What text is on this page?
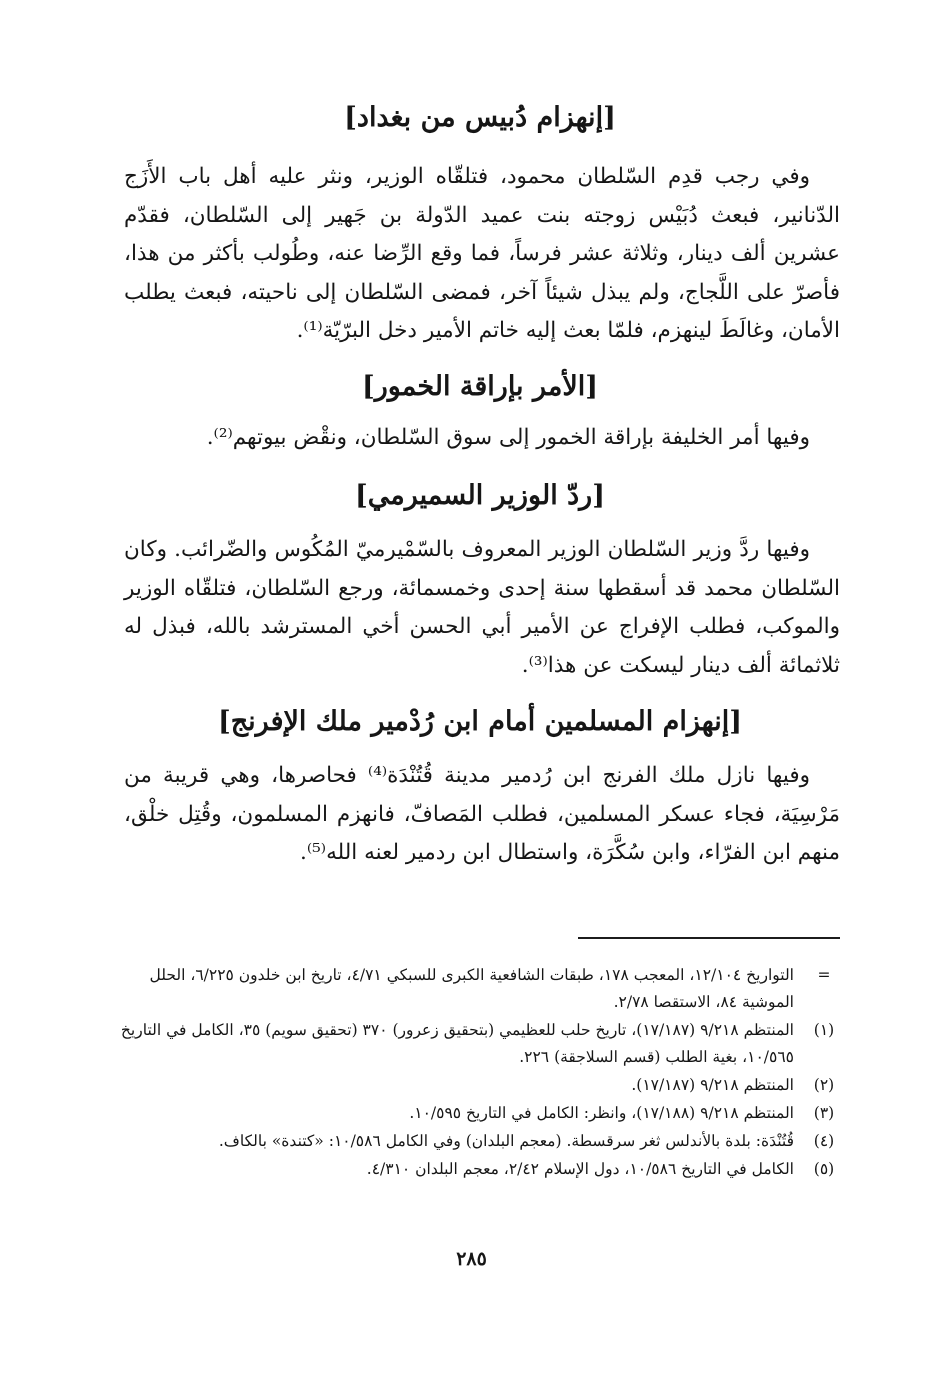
[إنهزام دُبيس من بغداد]

وفي رجب قدِم السّلطان محمود، فتلقّاه الوزير، ونثر عليه أهل باب الأَزَج الدّنانير، فبعث دُبَيْس زوجته بنت عميد الدّولة بن جَهير إلى السّلطان، فقدّم عشرين ألف دينار، وثلاثة عشر فرساً، فما وقع الرِّضا عنه، وطُولب بأكثر من هذا، فأصرّ على اللَّجاج، ولم يبذل شيئاً آخر، فمضى السّلطان إلى ناحيته، فبعث يطلب الأمان، وغالَطَ لينهزم، فلمّا بعث إليه خاتم الأمير دخل البرّيّة⁽¹⁾.

[الأمر بإراقة الخمور]

وفيها أمر الخليفة بإراقة الخمور إلى سوق السّلطان، ونقْض بيوتهم⁽²⁾.

[ردّ الوزير السميرمي]

وفيها ردَّ وزير السّلطان الوزير المعروف بالسّمْيرميّ المُكُوس والضّرائب. وكان السّلطان محمد قد أسقطها سنة إحدى وخمسمائة، ورجع السّلطان، فتلقّاه الوزير والموكب، فطلب الإفراج عن الأمير أبي الحسن أخي المسترشد بالله، فبذل له ثلاثمائة ألف دينار ليسكت عن هذا⁽³⁾.

[إنهزام المسلمين أمام ابن رُدْمير ملك الإفرنج]

وفيها نازل ملك الفرنج ابن رُدمير مدينة قُتُنْدَة⁽⁴⁾ فحاصرها، وهي قريبة من مَرْسِيَة، فجاء عسكر المسلمين، فطلب المَصافّ، فانهزم المسلمون، وقُتِل خلْق، منهم ابن الفرّاء، وابن سُكَّرَة، واستطال ابن ردمير لعنه الله⁽⁵⁾.

=
التواريخ ١٢/١٠٤، المعجب ١٧٨، طبقات الشافعية الكبرى للسبكي ٤/٧١، تاريخ ابن خلدون ٦/٢٢٥، الحلل الموشية ٨٤، الاستقصا ٢/٧٨.
(١)
المنتظم ٩/٢١٨ (١٧/١٨٧)، تاريخ حلب للعظيمي (بتحقيق زعرور) ٣٧٠ (تحقيق سويم) ٣٥، الكامل في التاريخ ١٠/٥٦٥، بغية الطلب (قسم السلاجقة) ٢٢٦.
(٢)
المنتظم ٩/٢١٨ (١٧/١٨٧).
(٣)
المنتظم ٩/٢١٨ (١٧/١٨٨)، وانظر: الكامل في التاريخ ١٠/٥٩٥.
(٤)
قُتُنْدَة: بلدة بالأندلس ثغر سرقسطة. (معجم البلدان) وفي الكامل ١٠/٥٨٦: «كتندة» بالكاف.
(٥)
الكامل في التاريخ ١٠/٥٨٦، دول الإسلام ٢/٤٢، معجم البلدان ٤/٣١٠.
٢٨٥
